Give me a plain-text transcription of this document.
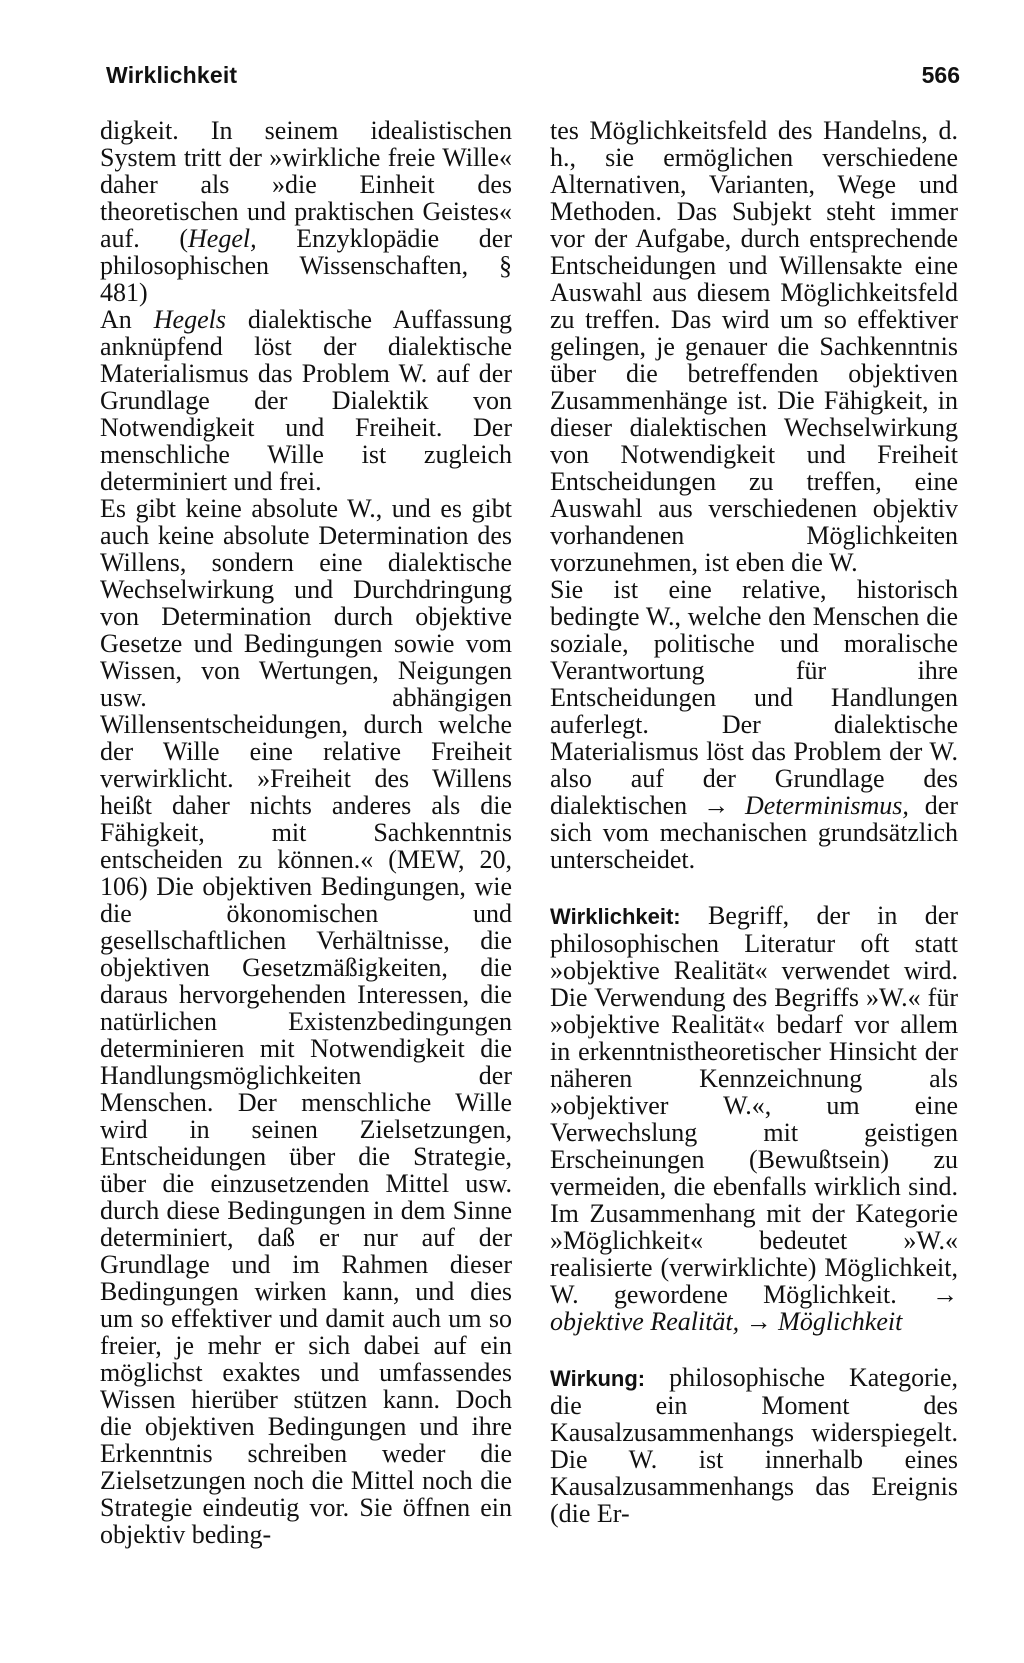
Wirklichkeit	566

digkeit. In seinem idealistischen System tritt der »wirkliche freie Wille« daher als »die Einheit des theoretischen und praktischen Geistes« auf. (Hegel, Enzyklopädie der philosophischen Wissenschaften, § 481)

An Hegels dialektische Auffassung anknüpfend löst der dialektische Materialismus das Problem W. auf der Grundlage der Dialektik von Notwendigkeit und Freiheit. Der menschliche Wille ist zugleich determiniert und frei.

Es gibt keine absolute W., und es gibt auch keine absolute Determination des Willens, sondern eine dialektische Wechselwirkung und Durchdringung von Determination durch objektive Gesetze und Bedingungen sowie vom Wissen, von Wertungen, Neigungen usw. abhängigen Willensentscheidungen, durch welche der Wille eine relative Freiheit verwirklicht. »Freiheit des Willens heißt daher nichts anderes als die Fähigkeit, mit Sachkenntnis entscheiden zu können.« (MEW, 20, 106) Die objektiven Bedingungen, wie die ökonomischen und gesellschaftlichen Verhältnisse, die objektiven Gesetzmäßigkeiten, die daraus hervorgehenden Interessen, die natürlichen Existenzbedingungen determinieren mit Notwendigkeit die Handlungsmöglichkeiten der Menschen. Der menschliche Wille wird in seinen Zielsetzungen, Entscheidungen über die Strategie, über die einzusetzenden Mittel usw. durch diese Bedingungen in dem Sinne determiniert, daß er nur auf der Grundlage und im Rahmen dieser Bedingungen wirken kann, und dies um so effektiver und damit auch um so freier, je mehr er sich dabei auf ein möglichst exaktes und umfassendes Wissen hierüber stützen kann. Doch die objektiven Bedingungen und ihre Erkenntnis schreiben weder die Zielsetzungen noch die Mittel noch die Strategie eindeutig vor. Sie öffnen ein objektiv beding-

tes Möglichkeitsfeld des Handelns, d. h., sie ermöglichen verschiedene Alternativen, Varianten, Wege und Methoden. Das Subjekt steht immer vor der Aufgabe, durch entsprechende Entscheidungen und Willensakte eine Auswahl aus diesem Möglichkeitsfeld zu treffen. Das wird um so effektiver gelingen, je genauer die Sachkenntnis über die betreffenden objektiven Zusammenhänge ist. Die Fähigkeit, in dieser dialektischen Wechselwirkung von Notwendigkeit und Freiheit Entscheidungen zu treffen, eine Auswahl aus verschiedenen objektiv vorhandenen Möglichkeiten vorzunehmen, ist eben die W.

Sie ist eine relative, historisch bedingte W., welche den Menschen die soziale, politische und moralische Verantwortung für ihre Entscheidungen und Handlungen auferlegt. Der dialektische Materialismus löst das Problem der W. also auf der Grundlage des dialektischen → Determinismus, der sich vom mechanischen grundsätzlich unterscheidet.

Wirklichkeit: Begriff, der in der philosophischen Literatur oft statt »objektive Realität« verwendet wird. Die Verwendung des Begriffs »W.« für »objektive Realität« bedarf vor allem in erkenntnistheoretischer Hinsicht der näheren Kennzeichnung als »objektiver W.«, um eine Verwechslung mit geistigen Erscheinungen (Bewußtsein) zu vermeiden, die ebenfalls wirklich sind. Im Zusammenhang mit der Kategorie »Möglichkeit« bedeutet »W.« realisierte (verwirklichte) Möglichkeit, W. gewordene Möglichkeit. → objektive Realität, → Möglichkeit

Wirkung: philosophische Kategorie, die ein Moment des Kausalzusammenhangs widerspiegelt. Die W. ist innerhalb eines Kausalzusammenhangs das Ereignis (die Er-
